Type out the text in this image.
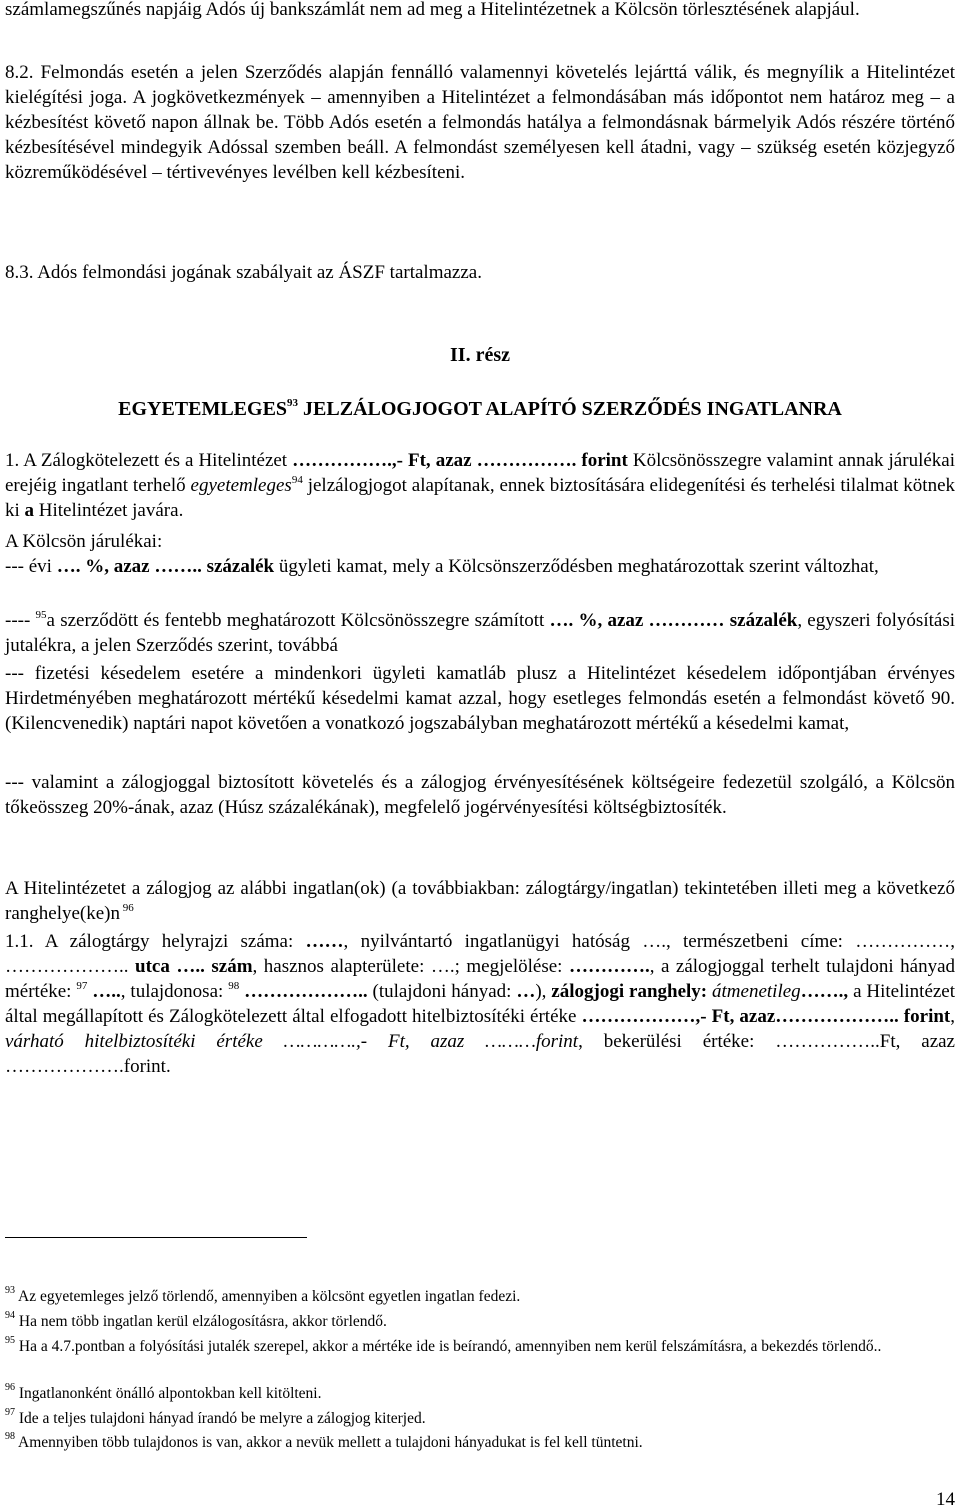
számlamegszűnés napjáig Adós új bankszámlát nem ad meg a Hitelintézetnek a Kölcsön törlesztésének alapjául.

8.2. Felmondás esetén a jelen Szerződés alapján fennálló valamennyi követelés lejárttá válik, és megnyílik a Hitelintézet kielégítési joga. A jogkövetkezmények – amennyiben a Hitelintézet a felmondásában más időpontot nem határoz meg – a kézbesítést követő napon állnak be. Több Adós esetén a felmondás hatálya a felmondásnak bármelyik Adós részére történő kézbesítésével mindegyik Adóssal szemben beáll. A felmondást személyesen kell átadni, vagy – szükség esetén közjegyző közreműködésével – tértivevényes levélben kell kézbesíteni.

8.3. Adós felmondási jogának szabályait az ÁSZF tartalmazza.

II. rész

EGYETEMLEGES$^{93}$ JELZÁLOGJOGOT ALAPÍTÓ SZERZŐDÉS INGATLANRA

1. A Zálogkötelezett és a Hitelintézet …………….,- Ft, azaz ……………. forint Kölcsönösszegre valamint annak járulékai erejéig ingatlant terhelő egyetemleges$^{94}$ jelzálogjogot alapítanak, ennek biztosítására elidegenítési és terhelési tilalmat kötnek ki a Hitelintézet javára.

A Kölcsön járulékai:

--- évi …. %, azaz …….. százalék ügyleti kamat, mely a Kölcsönszerződésben meghatározottak szerint változhat,

---- $^{95}$a szerződött és fentebb meghatározott Kölcsönösszegre számított …. %, azaz ………… százalék, egyszeri folyósítási jutalékra, a jelen Szerződés szerint, továbbá

--- fizetési késedelem esetére a mindenkori ügyleti kamatláb plusz a Hitelintézet késedelem időpontjában érvényes Hirdetményében meghatározott mértékű késedelmi kamat azzal, hogy esetleges felmondás esetén a felmondást követő 90. (Kilencvenedik) naptári napot követően a vonatkozó jogszabályban meghatározott mértékű a késedelmi kamat,

--- valamint a zálogjoggal biztosított követelés és a zálogjog érvényesítésének költségeire fedezetül szolgáló, a Kölcsön tőkeösszeg 20%-ának, azaz (Húsz százalékának), megfelelő jogérvényesítési költségbiztosíték.

A Hitelintézetet a zálogjog az alábbi ingatlan(ok) (a továbbiakban: zálogtárgy/ingatlan) tekintetében illeti meg a következő ranghelye(ke)n $^{96}$

1.1. A zálogtárgy helyrajzi száma: ……, nyilvántartó ingatlanügyi hatóság …., természetbeni címe: ……………, ……………….. utca ….. szám, hasznos alapterülete: ….; megjelölése: …………., a zálogjoggal terhelt tulajdoni hányad mértéke: $^{97}$ ….., tulajdonosa: $^{98}$ ……………….. (tulajdoni hányad: …), zálogjogi ranghely: átmenetileg……., a Hitelintézet által megállapított és Zálogkötelezett által elfogadott hitelbiztosítéki értéke ………………,- Ft, azaz……………….. forint, várható hitelbiztosítéki értéke ………….,- Ft, azaz ………forint, bekerülési értéke: ……………..Ft, azaz ……………….forint.

$^{93}$ Az egyetemleges jelző törlendő, amennyiben a kölcsönt egyetlen ingatlan fedezi.

$^{94}$ Ha nem több ingatlan kerül elzálogosításra, akkor törlendő.

$^{95}$ Ha a 4.7.pontban a folyósítási jutalék szerepel, akkor a mértéke ide is beírandó, amennyiben nem kerül felszámításra, a bekezdés törlendő..

$^{96}$ Ingatlanonként önálló alpontokban kell kitölteni.

$^{97}$ Ide a teljes tulajdoni hányad írandó be melyre a zálogjog kiterjed.

$^{98}$ Amennyiben több tulajdonos is van, akkor a nevük mellett a tulajdoni hányadukat is fel kell tüntetni.

14
